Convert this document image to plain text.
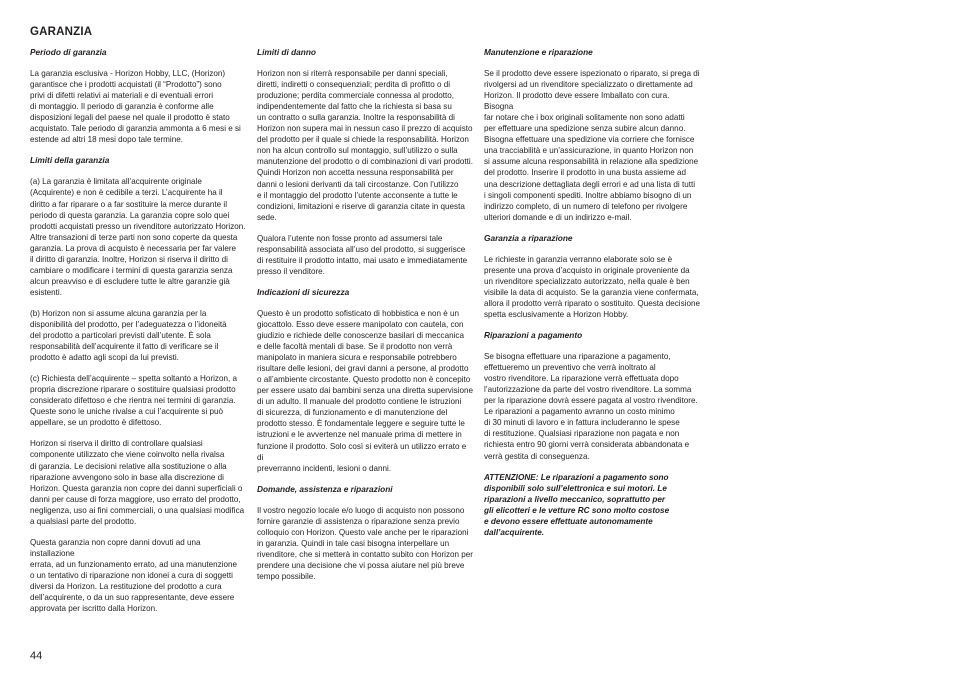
GARANZIA
Periodo di garanzia
La garanzia esclusiva - Horizon Hobby, LLC, (Horizon)
garantisce che i prodotti acquistati (il “Prodotto”) sono
privi di difetti relativi ai materiali e di eventuali errori
di montaggio. Il periodo di garanzia è conforme alle
disposizioni legali del paese nel quale il prodotto è stato
acquistato. Tale periodo di garanzia ammonta a 6 mesi e si
estende ad altri 18 mesi dopo tale termine.
Limiti della garanzia
(a) La garanzia è limitata all’acquirente originale
(Acquirente) e non è cedibile a terzi. L’acquirente ha il
diritto a far riparare o a far sostituire la merce durante il
periodo di questa garanzia. La garanzia copre solo quei
prodotti acquistati presso un rivenditore autorizzato Horizon.
Altre transazioni di terze parti non sono coperte da questa
garanzia. La prova di acquisto è necessaria per far valere
il diritto di garanzia. Inoltre, Horizon si riserva il diritto di
cambiare o modificare i termini di questa garanzia senza
alcun preavviso e di escludere tutte le altre garanzie già
esistenti.
(b) Horizon non si assume alcuna garanzia per la
disponibilità del prodotto, per l’adeguatezza o l’idoneità
del prodotto a particolari previsti dall’utente. È sola
responsabilità dell’acquirente il fatto di verificare se il
prodotto è adatto agli scopi da lui previsti.
(c) Richiesta dell’acquirente – spetta soltanto a Horizon, a
propria discrezione riparare o sostituire qualsiasi prodotto
considerato difettoso e che rientra nei termini di garanzia.
Queste sono le uniche rivalse a cui l’acquirente si può
appellare, se un prodotto è difettoso.
Horizon si riserva il diritto di controllare qualsiasi
componente utilizzato che viene coinvolto nella rivalsa
di garanzia. Le decisioni relative alla sostituzione o alla
riparazione avvengono solo in base alla discrezione di
Horizon. Questa garanzia non copre dei danni superficiali o
danni per cause di forza maggiore, uso errato del prodotto,
negligenza, uso ai fini commerciali, o una qualsiasi modifica
a qualsiasi parte del prodotto.
Questa garanzia non copre danni dovuti ad una installazione
errata, ad un funzionamento errato, ad una manutenzione
o un tentativo di riparazione non idonei a cura di soggetti
diversi da Horizon. La restituzione del prodotto a cura
dell’acquirente, o da un suo rappresentante, deve essere
approvata per iscritto dalla Horizon.
Limiti di danno
Horizon non si riterrà responsabile per danni speciali,
diretti, indiretti o consequenziali; perdita di profitto o di
produzione; perdita commerciale connessa al prodotto,
indipendentemente dal fatto che la richiesta si basa su
un contratto o sulla garanzia. Inoltre la responsabilità di
Horizon non supera mai in nessun caso il prezzo di acquisto
del prodotto per il quale si chiede la responsabilità. Horizon
non ha alcun controllo sul montaggio, sull’utilizzo o sulla
manutenzione del prodotto o di combinazioni di vari prodotti.
Quindi Horizon non accetta nessuna responsabilità per
danni o lesioni derivanti da tali circostanze. Con l’utilizzo
e il montaggio del prodotto l’utente acconsente a tutte le
condizioni, limitazioni e riserve di garanzia citate in questa
sede.
Qualora l’utente non fosse pronto ad assumersi tale
responsabilità associata all’uso del prodotto, si suggerisce
di restituire il prodotto intatto, mai usato e immediatamente
presso il venditore.
Indicazioni di sicurezza
Questo è un prodotto sofisticato di hobbistica e non è un
giocattolo. Esso deve essere manipolato con cautela, con
giudizio e richiede delle conoscenze basilari di meccanica
e delle facoltà mentali di base. Se il prodotto non verrà
manipolato in maniera sicura e responsabile potrebbero
risultare delle lesioni, dei gravi danni a persone, al prodotto
o all’ambiente circostante. Questo prodotto non è concepito
per essere usato dai bambini senza una diretta supervisione
di un adulto. Il manuale del prodotto contiene le istruzioni
di sicurezza, di funzionamento e di manutenzione del
prodotto stesso. È fondamentale leggere e seguire tutte le
istruzioni e le avvertenze nel manuale prima di mettere in
funzione il prodotto. Solo così si eviterà un utilizzo errato e di
preverranno incidenti, lesioni o danni.
Domande, assistenza e riparazioni
Il vostro negozio locale e/o luogo di acquisto non possono
fornire garanzie di assistenza o riparazione senza previo
colloquio con Horizon. Questo vale anche per le riparazioni
in garanzia. Quindi in tale casi bisogna interpellare un
rivenditore, che si metterà in contatto subito con Horizon per
prendere una decisione che vi possa aiutare nel più breve
tempo possibile.
Manutenzione e riparazione
Se il prodotto deve essere ispezionato o riparato, si prega di
rivolgersi ad un rivenditore specializzato o direttamente ad
Horizon. Il prodotto deve essere Imballato con cura. Bisogna
far notare che i box originali solitamente non sono adatti
per effettuare una spedizione senza subire alcun danno.
Bisogna effettuare una spedizione via corriere che fornisce
una tracciabilità e un’assicurazione, in quanto Horizon non
si assume alcuna responsabilità in relazione alla spedizione
del prodotto. Inserire il prodotto in una busta assieme ad
una descrizione dettagliata degli errori e ad una lista di tutti
i singoli componenti spediti. Inoltre abbiamo bisogno di un
indirizzo completo, di un numero di telefono per rivolgere
ulteriori domande e di un indirizzo e-mail.
Garanzia a riparazione
Le richieste in garanzia verranno elaborate solo se è
presente una prova d’acquisto in originale proveniente da
un rivenditore specializzato autorizzato, nella quale è ben
visibile la data di acquisto. Se la garanzia viene confermata,
allora il prodotto verrà riparato o sostituito. Questa decisione
spetta esclusivamente a Horizon Hobby.
Riparazioni a pagamento
Se bisogna effettuare una riparazione a pagamento,
effettueremo un preventivo che verrà inoltrato al
vostro rivenditore. La riparazione verrà effettuata dopo
l’autorizzazione da parte del vostro rivenditore. La somma
per la riparazione dovrà essere pagata al vostro rivenditore.
Le riparazioni a pagamento avranno un costo minimo
di 30 minuti di lavoro e in fattura includeranno le spese
di restituzione. Qualsiasi riparazione non pagata e non
richiesta entro 90 giorni verrà considerata abbandonata e
verrà gestita di conseguenza.
ATTENZIONE: Le riparazioni a pagamento sono
disponibili solo sull’elettronica e sui motori. Le
riparazioni a livello meccanico, soprattutto per
gli elicotteri e le vetture RC sono molto costose
e devono essere effettuate autonomamente
dall’acquirente.
44
